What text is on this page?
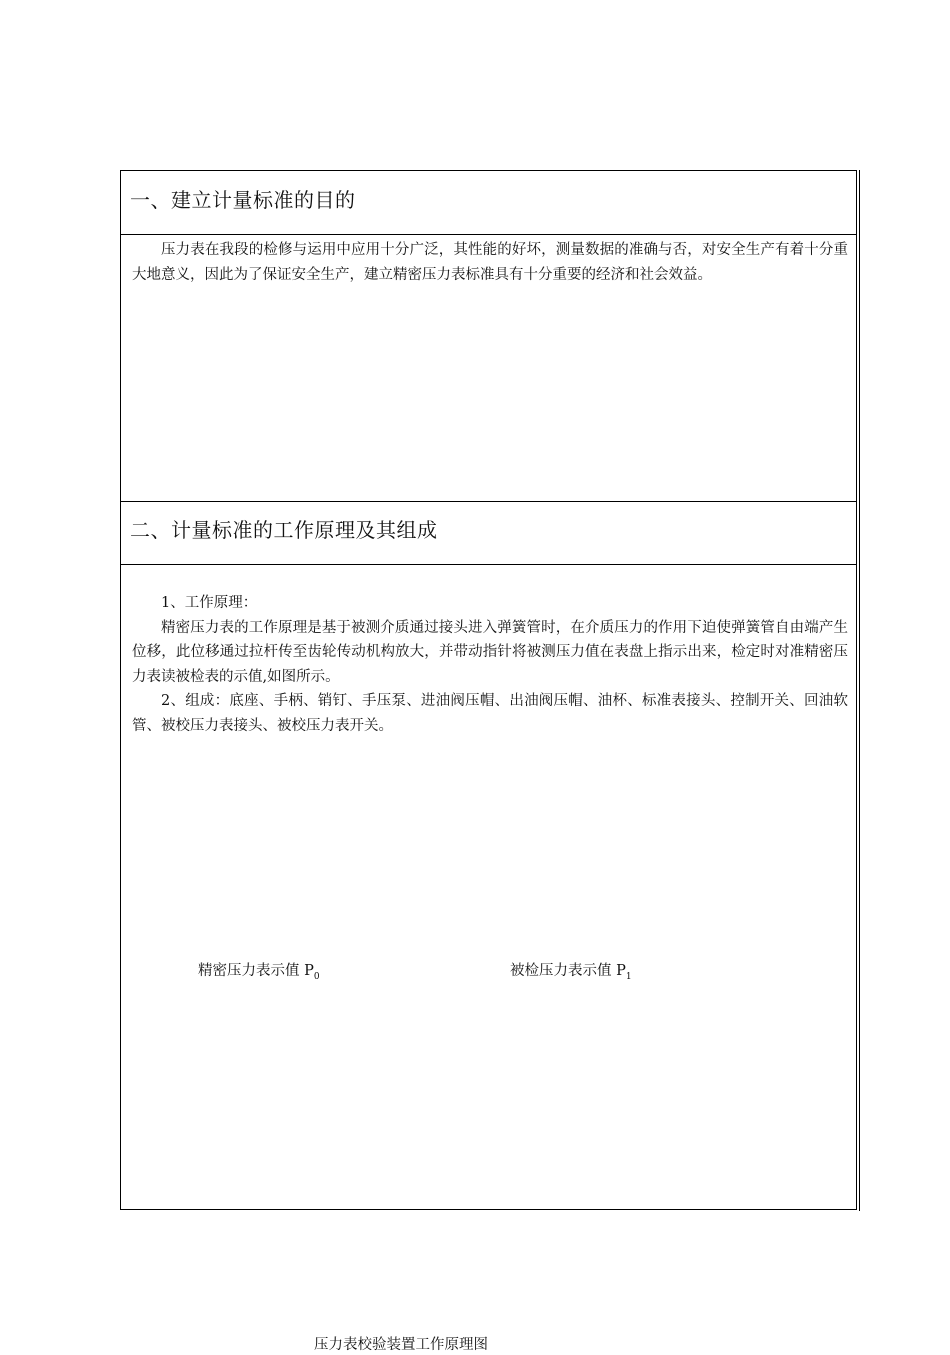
一、建立计量标准的目的

压力表在我段的检修与运用中应用十分广泛，其性能的好坏，测量数据的准确与否，对安全生产有着十分重大地意义，因此为了保证安全生产，建立精密压力表标准具有十分重要的经济和社会效益。

二、计量标准的工作原理及其组成

1、工作原理：

精密压力表的工作原理是基于被测介质通过接头进入弹簧管时，在介质压力的作用下迫使弹簧管自由端产生位移，此位移通过拉杆传至齿轮传动机构放大，并带动指针将被测压力值在表盘上指示出来，检定时对准精密压力表读被检表的示值,如图所示。

2、组成：底座、手柄、销钉、手压泵、进油阀压帽、出油阀压帽、油杯、标准表接头、控制开关、回油软管、被校压力表接头、被校压力表开关。

精密压力表示值 $P_0$	被检压力表示值 $P_1$
压力表校验装置工作原理图
